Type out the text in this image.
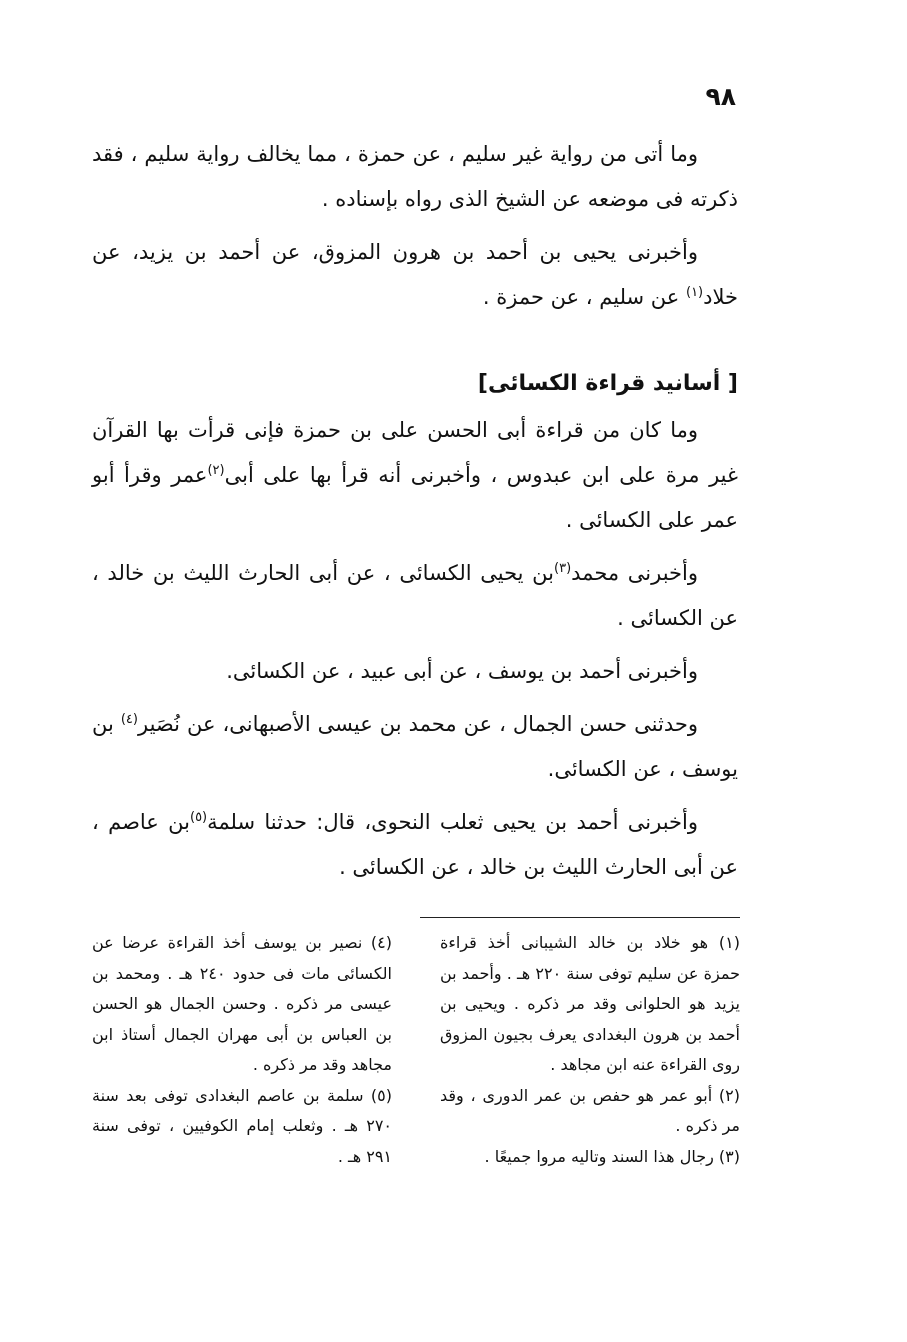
٩٨

وما أتى من رواية غير سليم ، عن حمزة ، مما يخالف رواية سليم ، فقد ذكرته فى موضعه عن الشيخ الذى رواه بإسناده .

وأخبرنى يحيى بن أحمد بن هرون المزوق، عن أحمد بن يزيد، عن خلاد$^{(١)}$ عن سليم ، عن حمزة .

[ أسانيد قراءة الكسائى]

وما كان من قراءة أبى الحسن على بن حمزة فإنى قرأت بها القرآن غير مرة على ابن عبدوس ، وأخبرنى أنه قرأ بها على أبى$^{(٢)}$عمر وقرأ أبو عمر على الكسائى .

وأخبرنى محمد$^{(٣)}$بن يحيى الكسائى ، عن أبى الحارث الليث بن خالد ، عن الكسائى .

وأخبرنى أحمد بن يوسف ، عن أبى عبيد ، عن الكسائى.

وحدثنى حسن الجمال ، عن محمد بن عيسى الأصبهانى، عن نُصَير$^{(٤)}$ بن يوسف ، عن الكسائى.

وأخبرنى أحمد بن يحيى ثعلب النحوى، قال: حدثنا سلمة$^{(٥)}$بن عاصم ، عن أبى الحارث الليث بن خالد ، عن الكسائى .

(١) هو خلاد بن خالد الشيبانى أخذ قراءة حمزة عن سليم توفى سنة ٢٢٠ هـ . وأحمد بن يزيد هو الحلوانى وقد مر ذكره . ويحيى بن أحمد بن هرون البغدادى يعرف بجيون المزوق روى القراءة عنه ابن مجاهد .

(٢) أبو عمر هو حفص بن عمر الدورى ، وقد مر ذكره .

(٣) رجال هذا السند وتاليه مروا جميعًا .

(٤) نصير بن يوسف أخذ القراءة عرضا عن الكسائى مات فى حدود ٢٤٠ هـ . ومحمد بن عيسى مر ذكره . وحسن الجمال هو الحسن بن العباس بن أبى مهران الجمال أستاذ ابن مجاهد وقد مر ذكره .

(٥) سلمة بن عاصم البغدادى توفى بعد سنة ٢٧٠ هـ . وثعلب إمام الكوفيين ، توفى سنة ٢٩١ هـ .
